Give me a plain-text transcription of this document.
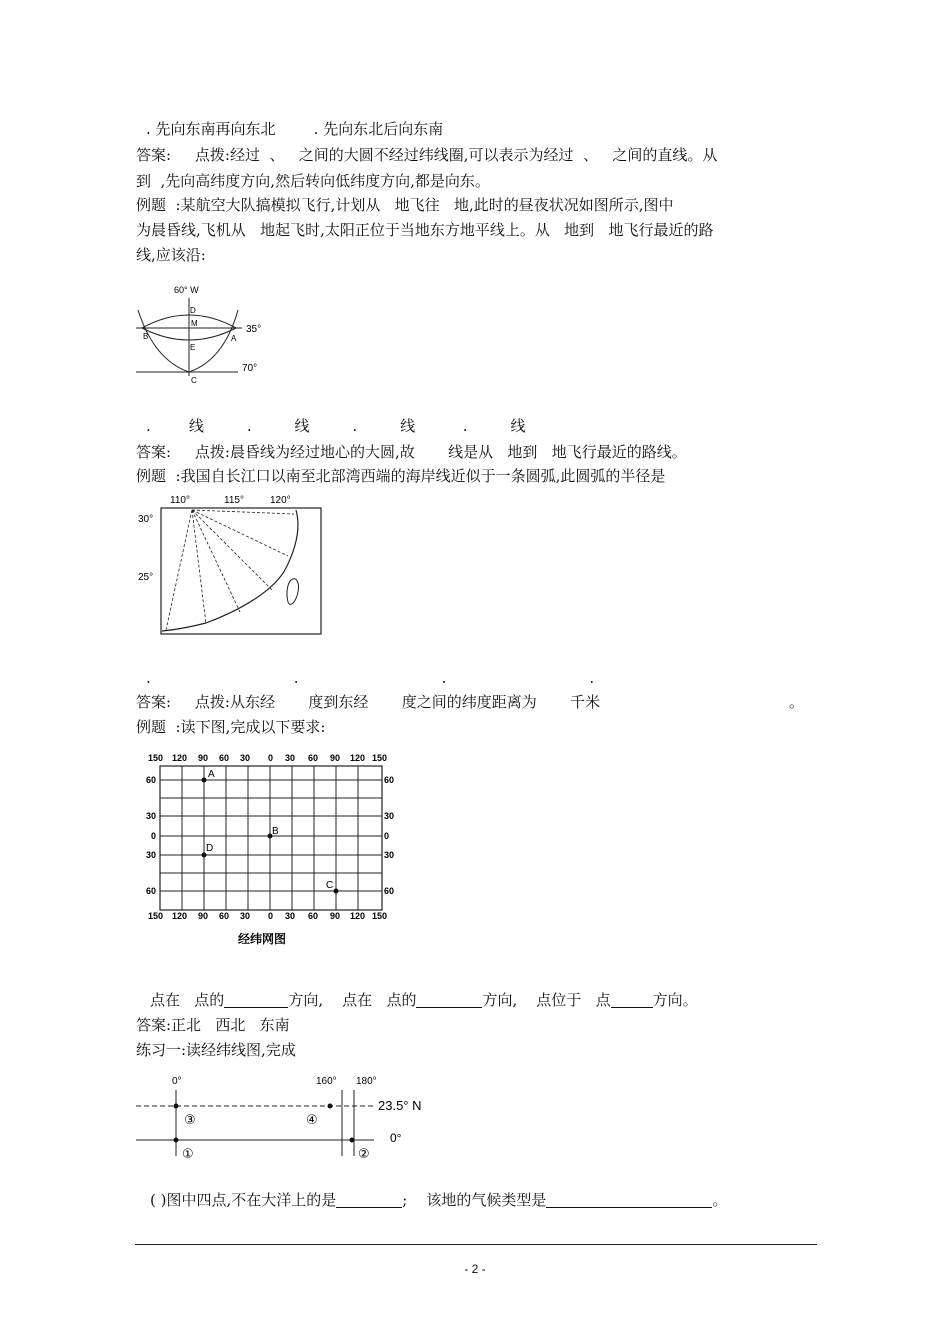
. 先向东南再向东北        . 先向东北后向东南
答案:     点拨:经过  、   之间的大圆不经过纬线圈,可以表示为经过  、   之间的直线。从
到  ,先向高纬度方向,然后转向低纬度方向,都是向东。
例题  :某航空大队搞模拟飞行,计划从   地飞往   地,此时的昼夜状况如图所示,图中
为晨昏线,飞机从   地起飞时,太阳正位于当地东方地平线上。从   地到   地飞行最近的路
线,应该沿:
60° W
35°
70°
D
M
B	A
E
C
.        线         .         线         .         线          .         线
答案:     点拨:晨昏线为经过地心的大圆,故       线是从   地到   地飞行最近的路线。
例题  :我国自长江口以南至北部湾西端的海岸线近似于一条圆弧,此圆弧的半径是
110°	115°	120°
30°
25°
.                              .                              .                              .
答案:     点拨:从东经       度到东经       度之间的纬度距离为       千米	。
例题  :读下图,完成以下要求:
150 120 90 60 30 0 30 60 90 120 150
150 120 90 60 30 0 30 60 90 120 150
60
30
0
30
60
60
30
0
30
60
A
B
D
C
经纬网图
点在   点的	方向,    点在   点的	方向,    点位于   点	方向。
答案:正北   西北   东南
练习一:读经纬线图,完成
0°	160° 180°
23.5° N
0°
③	④
①	②
( )图中四点,不在大洋上的是	;    该地的气候类型是	。
- 2 -
